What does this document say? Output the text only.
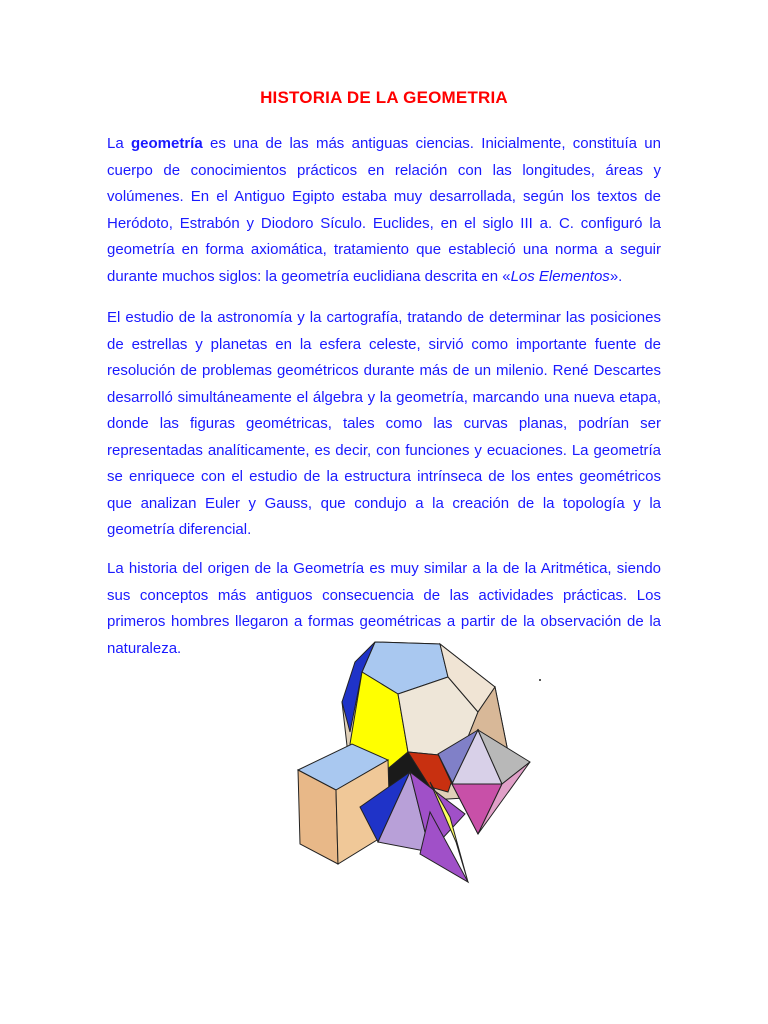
HISTORIA DE LA GEOMETRIA

La geometría es una de las más antiguas ciencias. Inicialmente, constituía un cuerpo de conocimientos prácticos en relación con las longitudes, áreas y volúmenes. En el Antiguo Egipto estaba muy desarrollada, según los textos de Heródoto, Estrabón y Diodoro Sículo. Euclides, en el siglo III a. C. configuró la geometría en forma axiomática, tratamiento que estableció una norma a seguir durante muchos siglos: la geometría euclidiana descrita en «Los Elementos».

El estudio de la astronomía y la cartografía, tratando de determinar las posiciones de estrellas y planetas en la esfera celeste, sirvió como importante fuente de resolución de problemas geométricos durante más de un milenio. René Descartes desarrolló simultáneamente el álgebra y la geometría, marcando una nueva etapa, donde las figuras geométricas, tales como las curvas planas, podrían ser representadas analíticamente, es decir, con funciones y ecuaciones. La geometría se enriquece con el estudio de la estructura intrínseca de los entes geométricos que analizan Euler y Gauss, que condujo a la creación de la topología y la geometría diferencial.

La historia del origen de la Geometría es muy similar a la de la Aritmética, siendo sus conceptos más antiguos consecuencia de las actividades prácticas. Los primeros hombres llegaron a formas geométricas a partir de la observación de la naturaleza.
